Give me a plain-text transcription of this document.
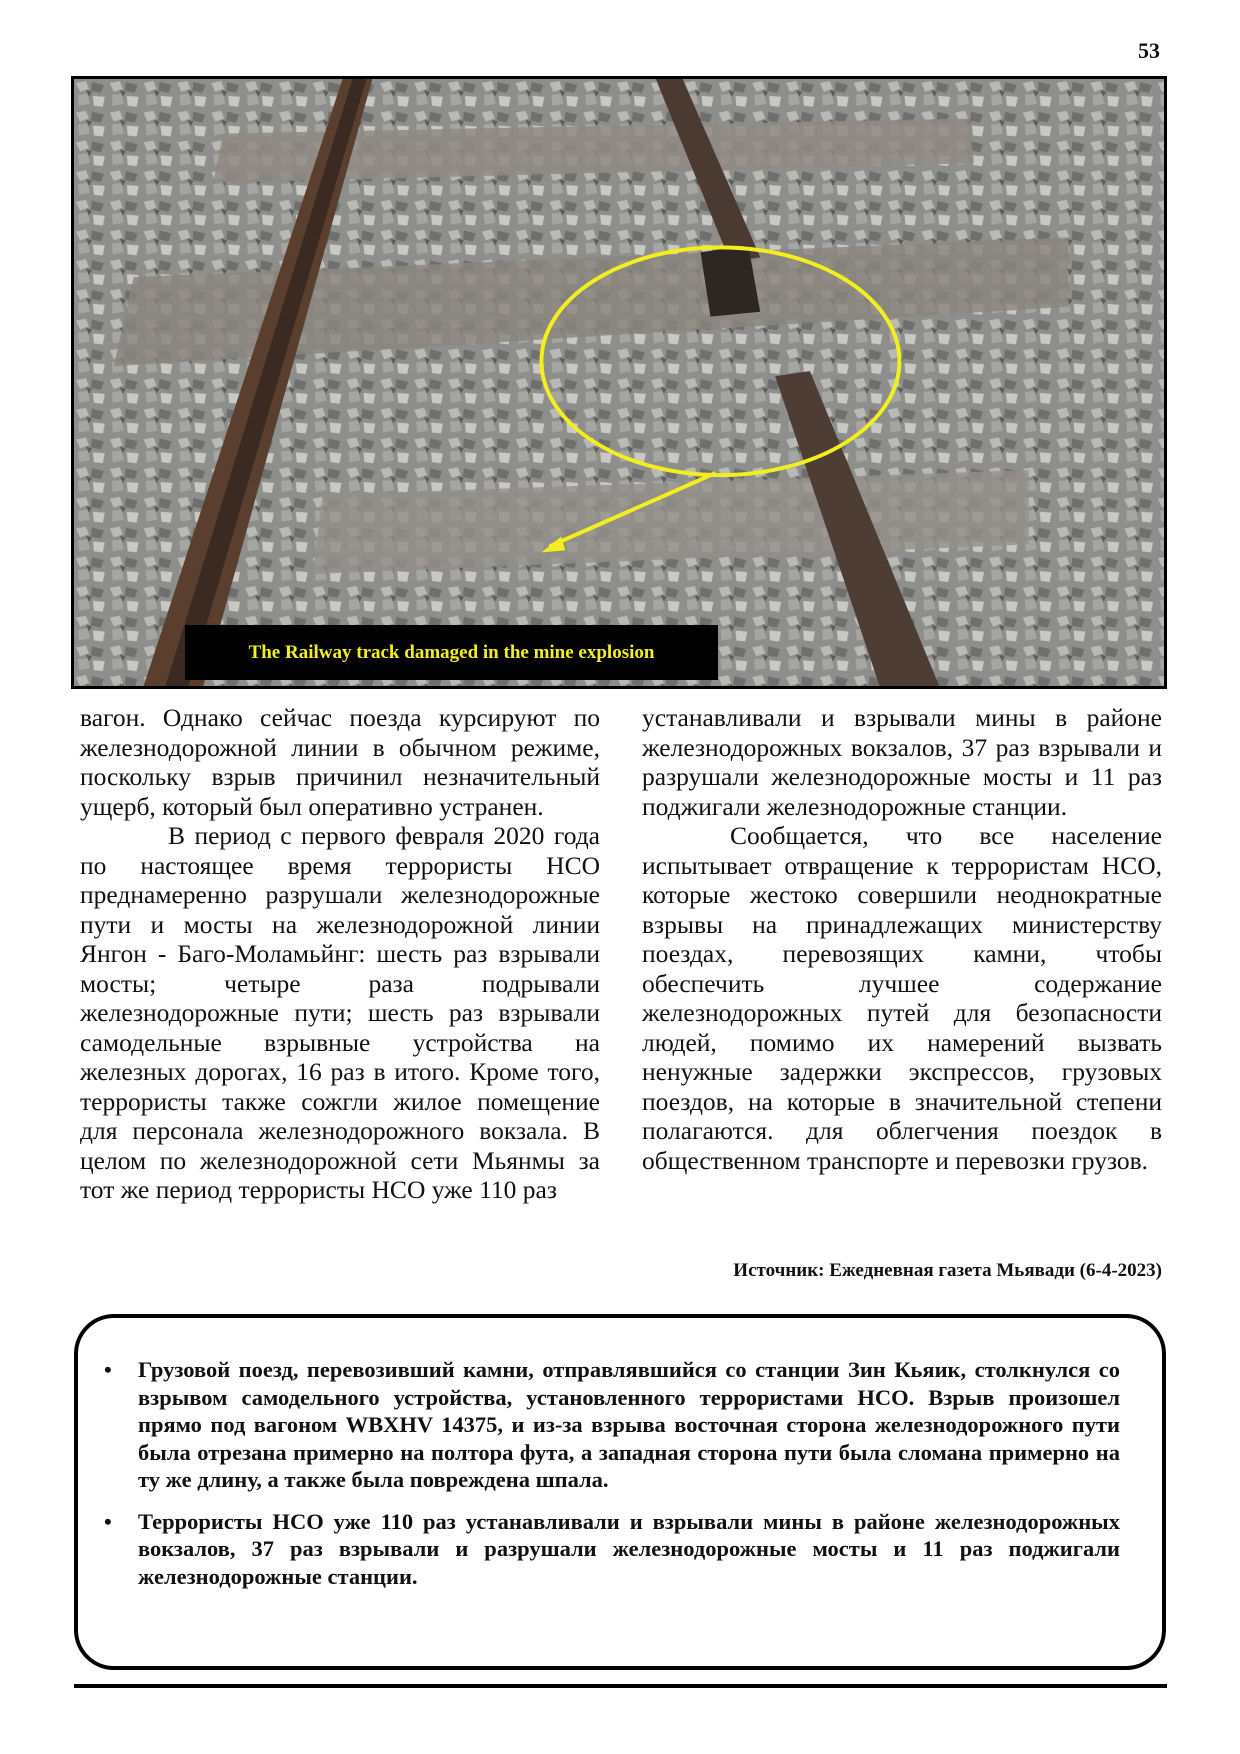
53
The Railway track damaged in the mine explosion

вагон. Однако сейчас поезда курсируют по железнодорожной линии в обычном режиме, поскольку взрыв причинил незначительный ущерб, который был оперативно устранен.

В период с первого февраля 2020 года по настоящее время террористы НСО преднамеренно разрушали железнодорожные пути и мосты на железнодорожной линии Янгон - Баго-Моламьйнг: шесть раз взрывали мосты; четыре раза подрывали железнодорожные пути; шесть раз взрывали самодельные взрывные устройства на железных дорогах, 16 раз в итого. Кроме того, террористы также сожгли жилое помещение для персонала железнодорожного вокзала. В целом по железнодорожной сети Мьянмы за тот же период террористы НСО уже 110 раз

устанавливали и взрывали мины в районе железнодорожных вокзалов, 37 раз взрывали и разрушали железнодорожные мосты и 11 раз поджигали железнодорожные станции.

Сообщается, что все население испытывает отвращение к террористам НСО, которые жестоко совершили неоднократные взрывы на принадлежащих министерству поездах, перевозящих камни, чтобы обеспечить лучшее содержание железнодорожных путей для безопасности людей, помимо их намерений вызвать ненужные задержки экспрессов, грузовых поездов, на которые в значительной степени полагаются. для облегчения поездок в общественном транспорте и перевозки грузов.

Источник: Ежедневная газета Мьявади (6-4-2023)
• Грузовой поезд, перевозивший камни, отправлявшийся со станции Зин Кьяик, столкнулся со взрывом самодельного устройства, установленного террористами НСО. Взрыв произошел прямо под вагоном WBXHV 14375, и из-за взрыва восточная сторона железнодорожного пути была отрезана примерно на полтора фута, а западная сторона пути была сломана примерно на ту же длину, а также была повреждена шпала.
• Террористы НСО уже 110 раз устанавливали и взрывали мины в районе железнодорожных вокзалов, 37 раз взрывали и разрушали железнодорожные мосты и 11 раз поджигали железнодорожные станции.
